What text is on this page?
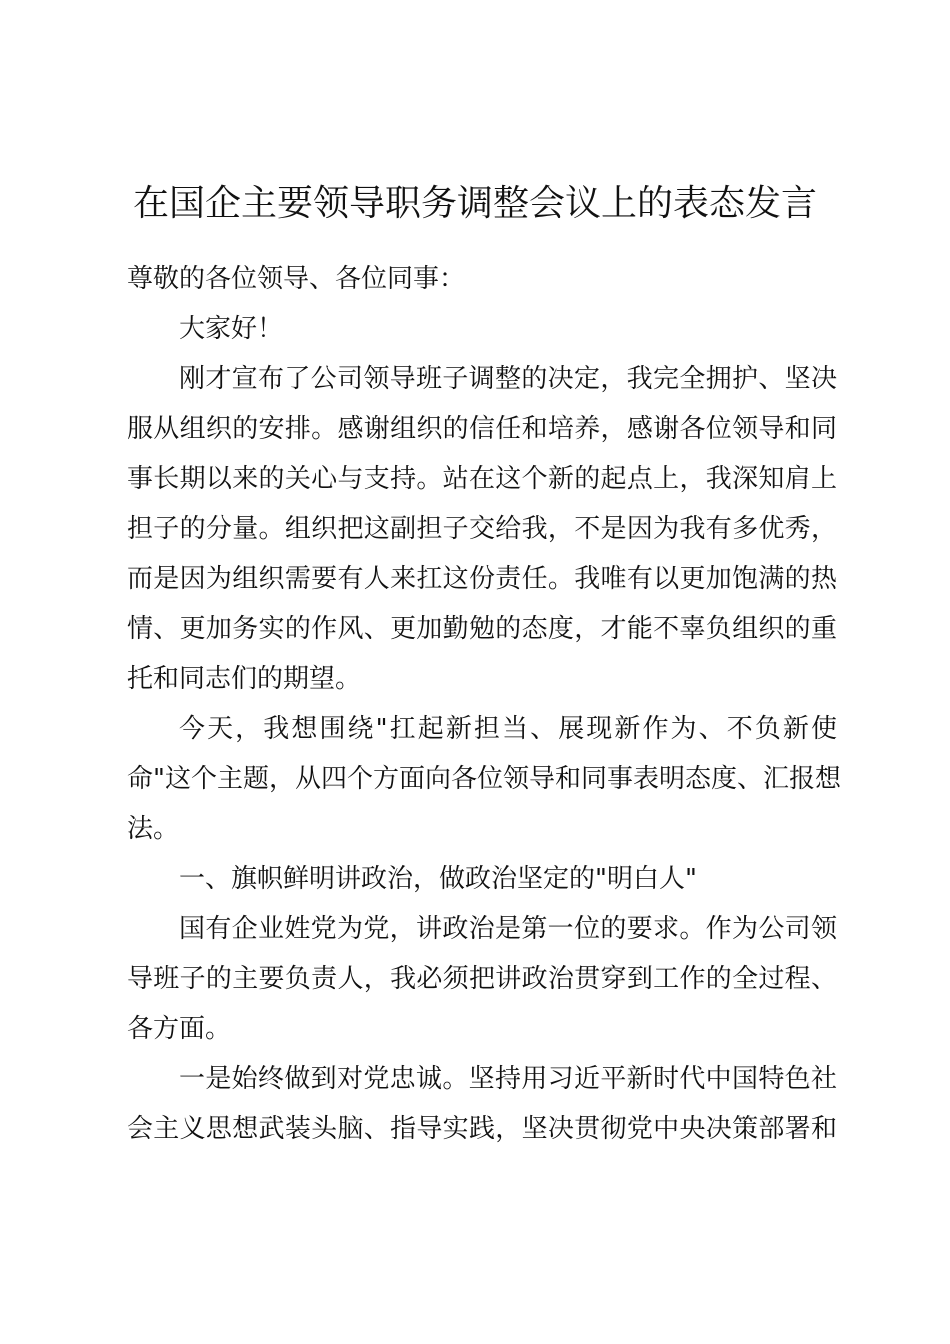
在国企主要领导职务调整会议上的表态发言
尊敬的各位领导、各位同事：
大家好！
刚才宣布了公司领导班子调整的决定，我完全拥护、坚决
服从组织的安排。感谢组织的信任和培养，感谢各位领导和同
事长期以来的关心与支持。站在这个新的起点上，我深知肩上
担子的分量。组织把这副担子交给我，不是因为我有多优秀，
而是因为组织需要有人来扛这份责任。我唯有以更加饱满的热
情、更加务实的作风、更加勤勉的态度，才能不辜负组织的重
托和同志们的期望。
今天，我想围绕"扛起新担当、展现新作为、不负新使
命"这个主题，从四个方面向各位领导和同事表明态度、汇报想
法。
一、旗帜鲜明讲政治，做政治坚定的"明白人"
国有企业姓党为党，讲政治是第一位的要求。作为公司领
导班子的主要负责人，我必须把讲政治贯穿到工作的全过程、
各方面。
一是始终做到对党忠诚。坚持用习近平新时代中国特色社
会主义思想武装头脑、指导实践，坚决贯彻党中央决策部署和
